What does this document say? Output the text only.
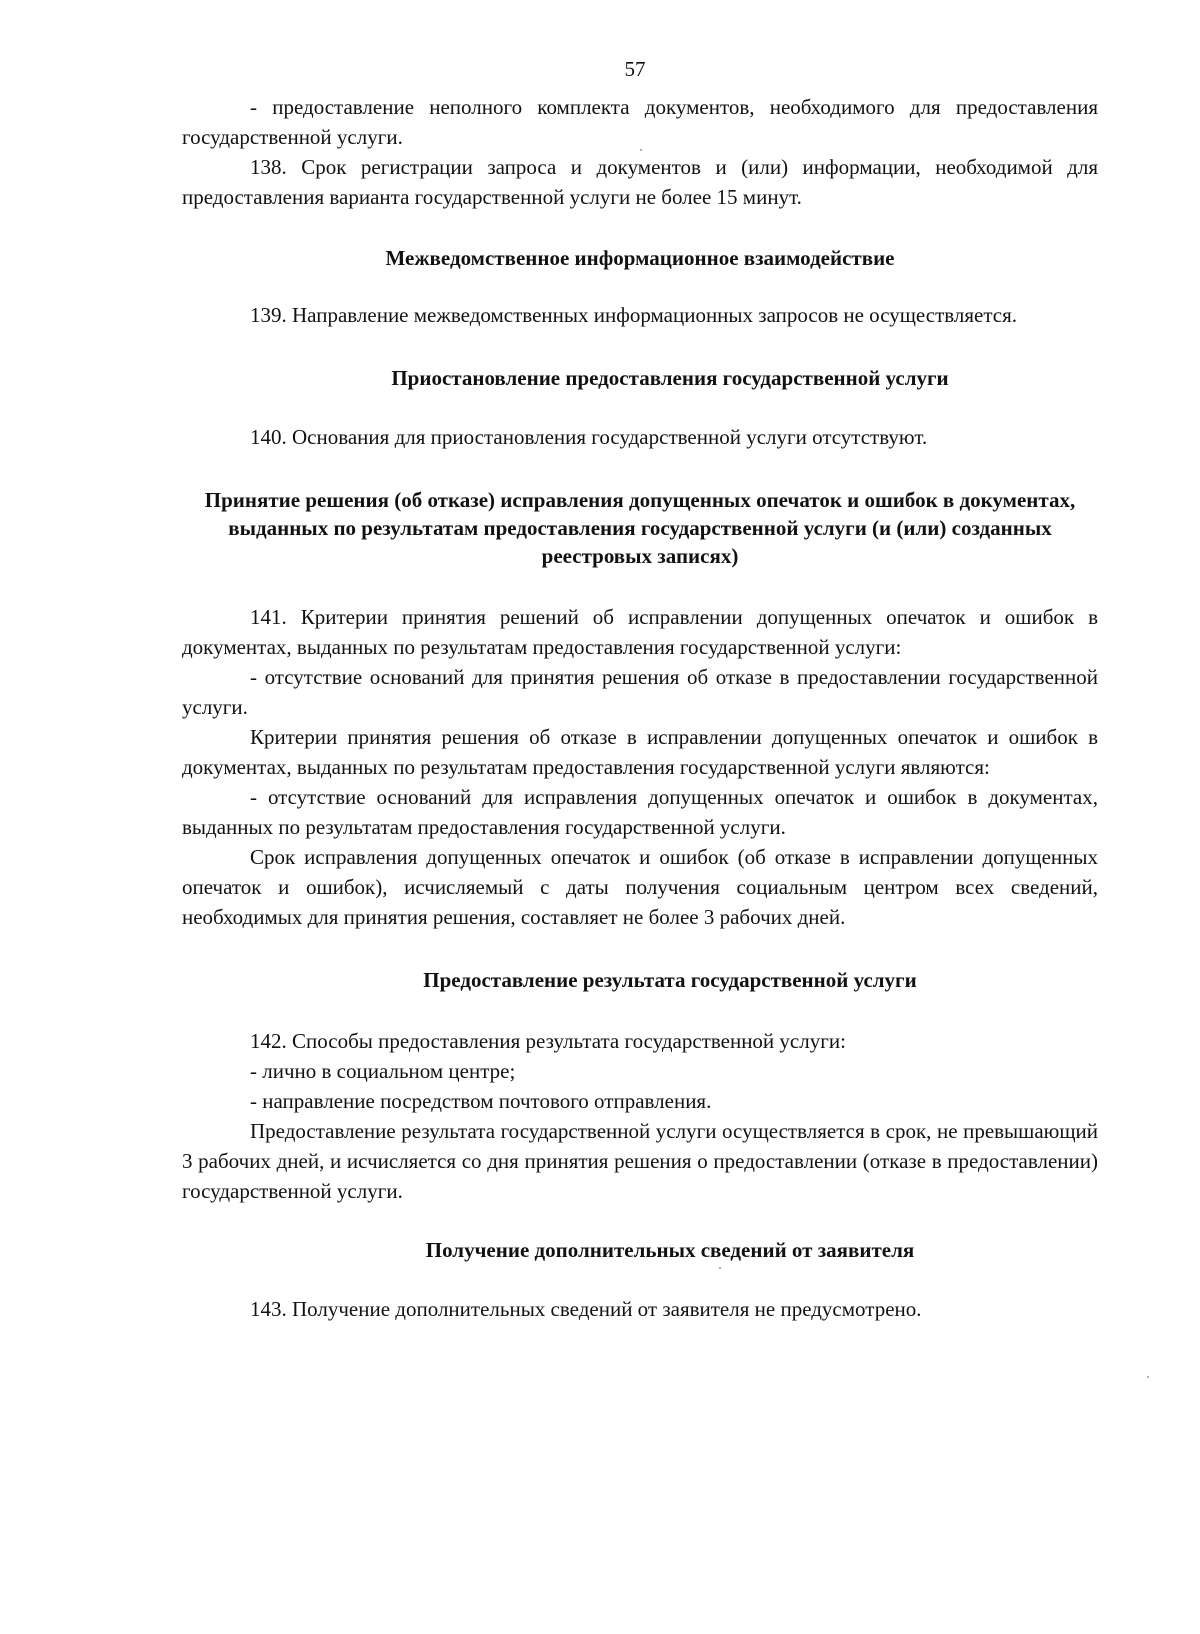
57

- предоставление неполного комплекта документов, необходимого для предоставления государственной услуги.

138. Срок регистрации запроса и документов и (или) информации, необходимой для предоставления варианта государственной услуги не более 15 минут.

Межведомственное информационное взаимодействие

139. Направление межведомственных информационных запросов не осуществляется.

Приостановление предоставления государственной услуги

140. Основания для приостановления государственной услуги отсутствуют.

Принятие решения (об отказе) исправления допущенных опечаток и ошибок в документах, выданных по результатам предоставления государственной услуги (и (или) созданных реестровых записях)

141. Критерии принятия решений об исправлении допущенных опечаток и ошибок в документах, выданных по результатам предоставления государственной услуги:

- отсутствие оснований для принятия решения об отказе в предоставлении государственной услуги.

Критерии принятия решения об отказе в исправлении допущенных опечаток и ошибок в документах, выданных по результатам предоставления государственной услуги являются:

- отсутствие оснований для исправления допущенных опечаток и ошибок в документах, выданных по результатам предоставления государственной услуги.

Срок исправления допущенных опечаток и ошибок (об отказе в исправлении допущенных опечаток и ошибок), исчисляемый с даты получения социальным центром всех сведений, необходимых для принятия решения, составляет не более 3 рабочих дней.

Предоставление результата государственной услуги

142. Способы предоставления результата государственной услуги:

- лично в социальном центре;

- направление посредством почтового отправления.

Предоставление результата государственной услуги осуществляется в срок, не превышающий 3 рабочих дней, и исчисляется со дня принятия решения о предоставлении (отказе в предоставлении) государственной услуги.

Получение дополнительных сведений от заявителя

143. Получение дополнительных сведений от заявителя не предусмотрено.
